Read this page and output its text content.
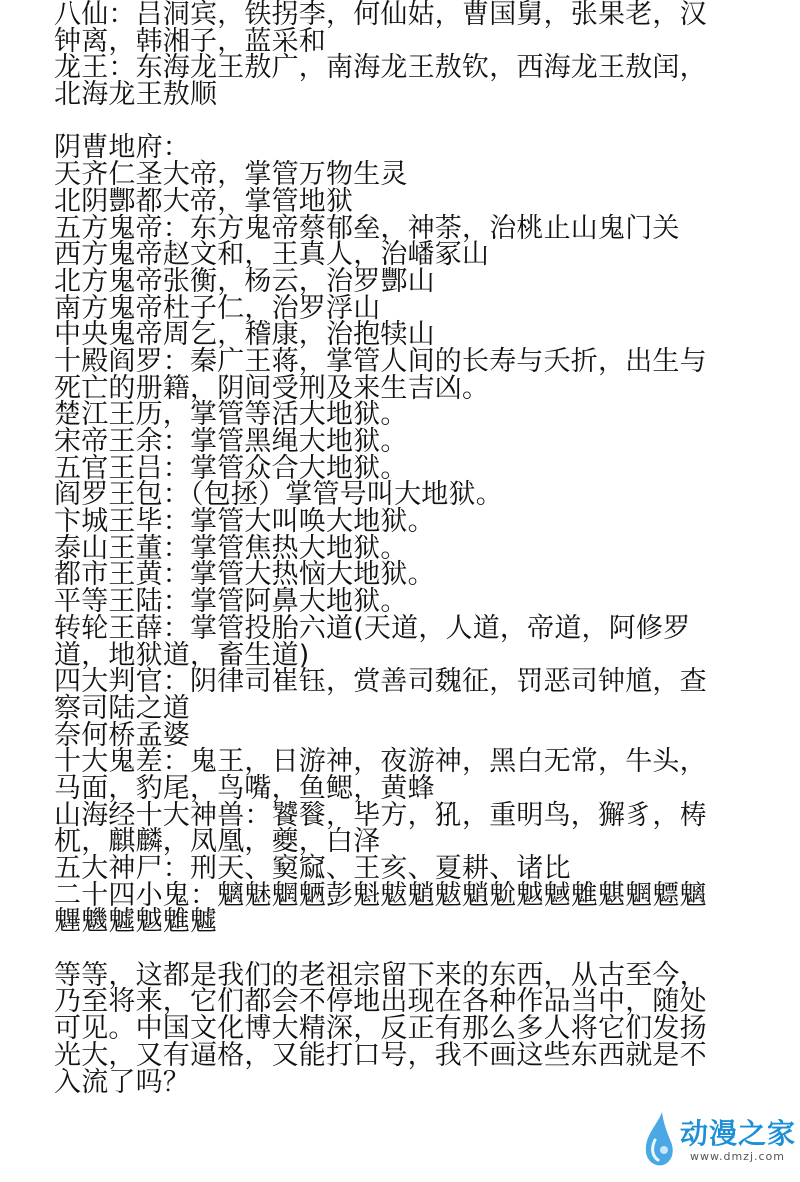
八仙：吕洞宾，铁拐李，何仙姑，曹国舅，张果老，汉
钟离，韩湘子，蓝采和
龙王：东海龙王敖广，南海龙王敖钦，西海龙王敖闰，
北海龙王敖顺
阴曹地府：
天齐仁圣大帝，掌管万物生灵
北阴酆都大帝，掌管地狱
五方鬼帝：东方鬼帝蔡郁垒，神荼，治桃止山鬼门关
西方鬼帝赵文和，王真人，治嶓冢山
北方鬼帝张衡，杨云，治罗酆山
南方鬼帝杜子仁，治罗浮山
中央鬼帝周乞，稽康，治抱犊山
十殿阎罗：秦广王蒋，掌管人间的长寿与夭折，出生与
死亡的册籍，阴间受刑及来生吉凶。
楚江王历，掌管等活大地狱。
宋帝王余：掌管黑绳大地狱。
五官王吕：掌管众合大地狱。
阎罗王包：（包拯）掌管号叫大地狱。
卞城王毕：掌管大叫唤大地狱。
泰山王董：掌管焦热大地狱。
都市王黄：掌管大热恼大地狱。
平等王陆：掌管阿鼻大地狱。
转轮王薛：掌管投胎六道(天道，人道，帝道，阿修罗
道，地狱道，畜生道)
四大判官：阴律司崔钰，赏善司魏征，罚恶司钟馗，查
察司陆之道
奈何桥孟婆
十大鬼差：鬼王，日游神，夜游神，黑白无常，牛头，
马面，豹尾，鸟嘴，鱼鳃，黄蜂
山海经十大神兽：饕餮，毕方，犼，重明鸟，獬豸，梼
杌，麒麟，凤凰，夔，白泽
五大神尸：刑天、窫窳、王亥、夏耕、诸比
二十四小鬼：魑魅魍魉彭魁魃魈魃魈魀魆魊魋魌魍魒魑
魓魕魖魆魋魖
等等，这都是我们的老祖宗留下来的东西，从古至今，
乃至将来，它们都会不停地出现在各种作品当中，随处
可见。中国文化博大精深，反正有那么多人将它们发扬
光大，又有逼格，又能打口号，我不画这些东西就是不
入流了吗？
动漫之家
www.dmzj.com
